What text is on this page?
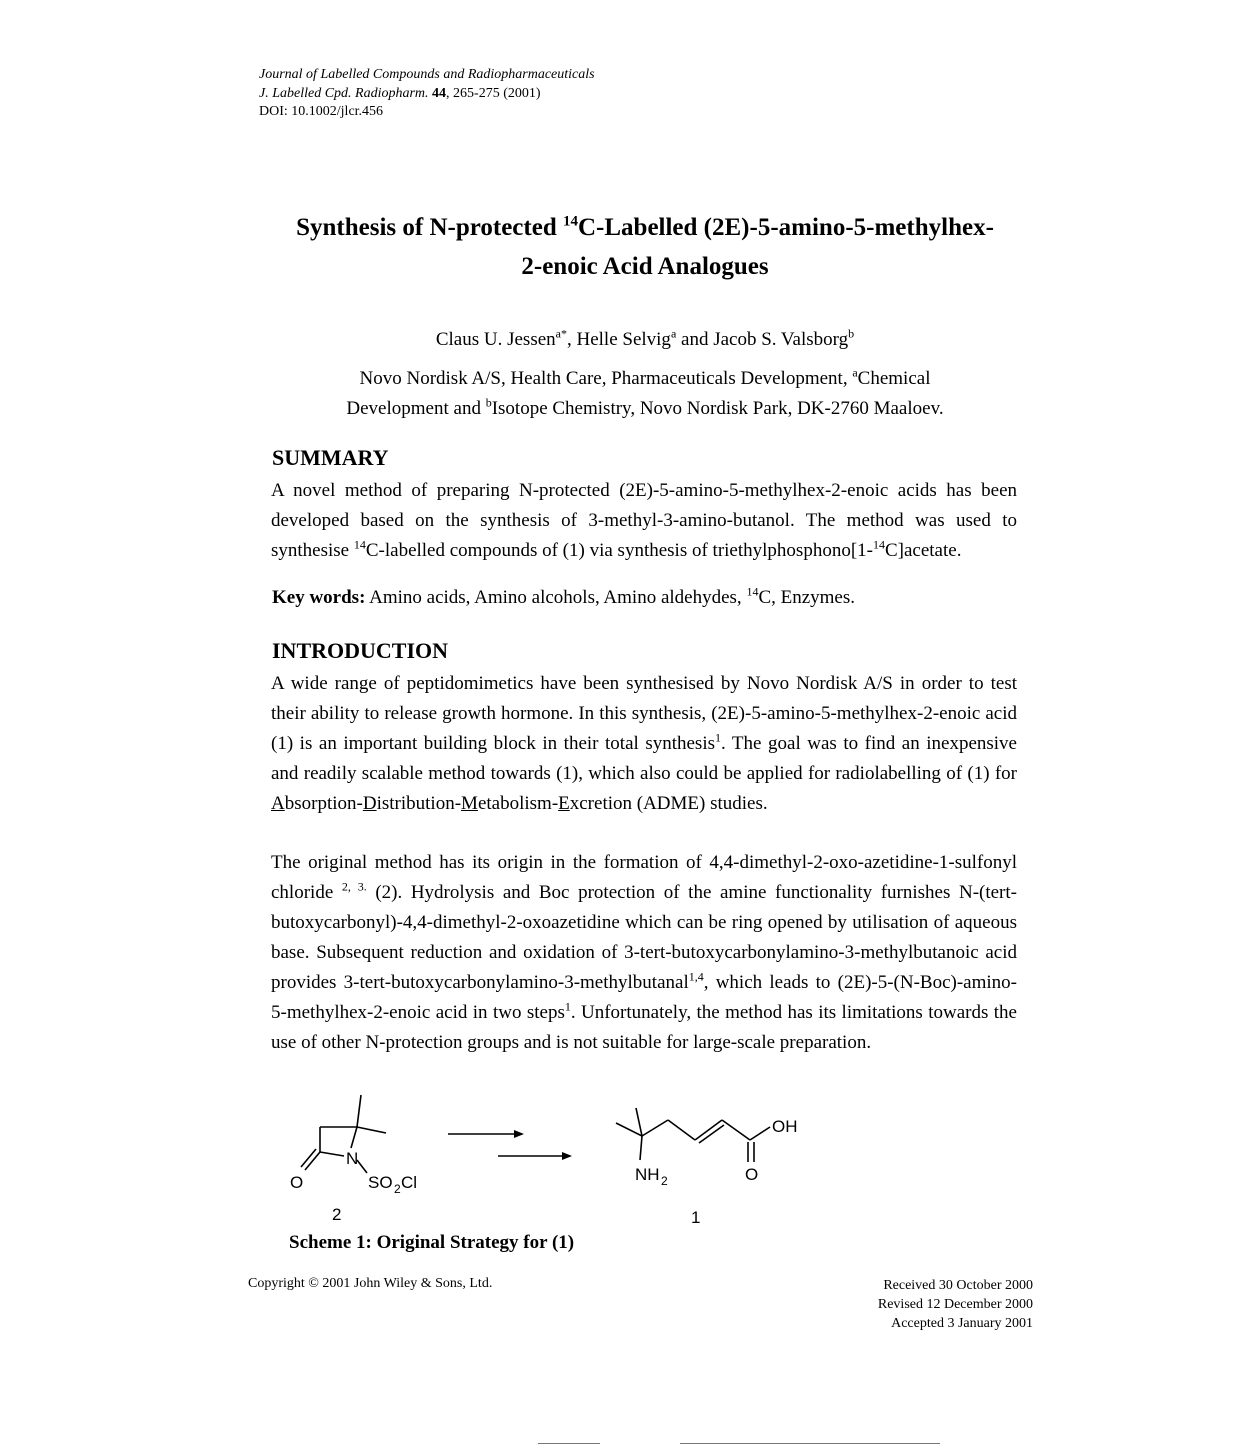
Journal of Labelled Compounds and Radiopharmaceuticals
J. Labelled Cpd. Radiopharm. 44, 265-275 (2001)
DOI: 10.1002/jlcr.456
Synthesis of N-protected $^{14}$C-Labelled (2E)-5-amino-5-methylhex-
2-enoic Acid Analogues
Claus U. Jessen$^{a*}$, Helle Selvig$^a$ and Jacob S. Valsborg$^b$
Novo Nordisk A/S, Health Care, Pharmaceuticals Development, $^a$Chemical
Development and $^b$Isotope Chemistry, Novo Nordisk Park, DK-2760 Maaloev.
SUMMARY
A novel method of preparing N-protected (2E)-5-amino-5-methylhex-2-enoic acids has been developed based on the synthesis of 3-methyl-3-amino-butanol. The method was used to synthesise $^{14}$C-labelled compounds of (1) via synthesis of triethylphosphono[1-$^{14}$C]acetate.
Key words: Amino acids, Amino alcohols, Amino aldehydes, $^{14}$C, Enzymes.
INTRODUCTION
A wide range of peptidomimetics have been synthesised by Novo Nordisk A/S in order to test their ability to release growth hormone. In this synthesis, (2E)-5-amino-5-methylhex-2-enoic acid (1) is an important building block in their total synthesis$^1$. The goal was to find an inexpensive and readily scalable method towards (1), which also could be applied for radiolabelling of (1) for Absorption-Distribution-Metabolism-Excretion (ADME) studies.
The original method has its origin in the formation of 4,4-dimethyl-2-oxo-azetidine-1-sulfonyl chloride $^{2, 3.}$ (2). Hydrolysis and Boc protection of the amine functionality furnishes N-(tert-butoxycarbonyl)-4,4-dimethyl-2-oxoazetidine which can be ring opened by utilisation of aqueous base. Subsequent reduction and oxidation of 3-tert-butoxycarbonylamino-3-methylbutanoic acid provides 3-tert-butoxycarbonylamino-3-methylbutanal$^{1,4}$, which leads to (2E)-5-(N-Boc)-amino-5-methylhex-2-enoic acid in two steps$^1$. Unfortunately, the method has its limitations towards the use of other N-protection groups and is not suitable for large-scale preparation.
N
O	SO 2 Cl
2
OH
O
NH 2
1
Scheme 1: Original Strategy for (1)
Copyright © 2001 John Wiley & Sons, Ltd.	Received 30 October 2000
Revised 12 December 2000
Accepted 3 January 2001
